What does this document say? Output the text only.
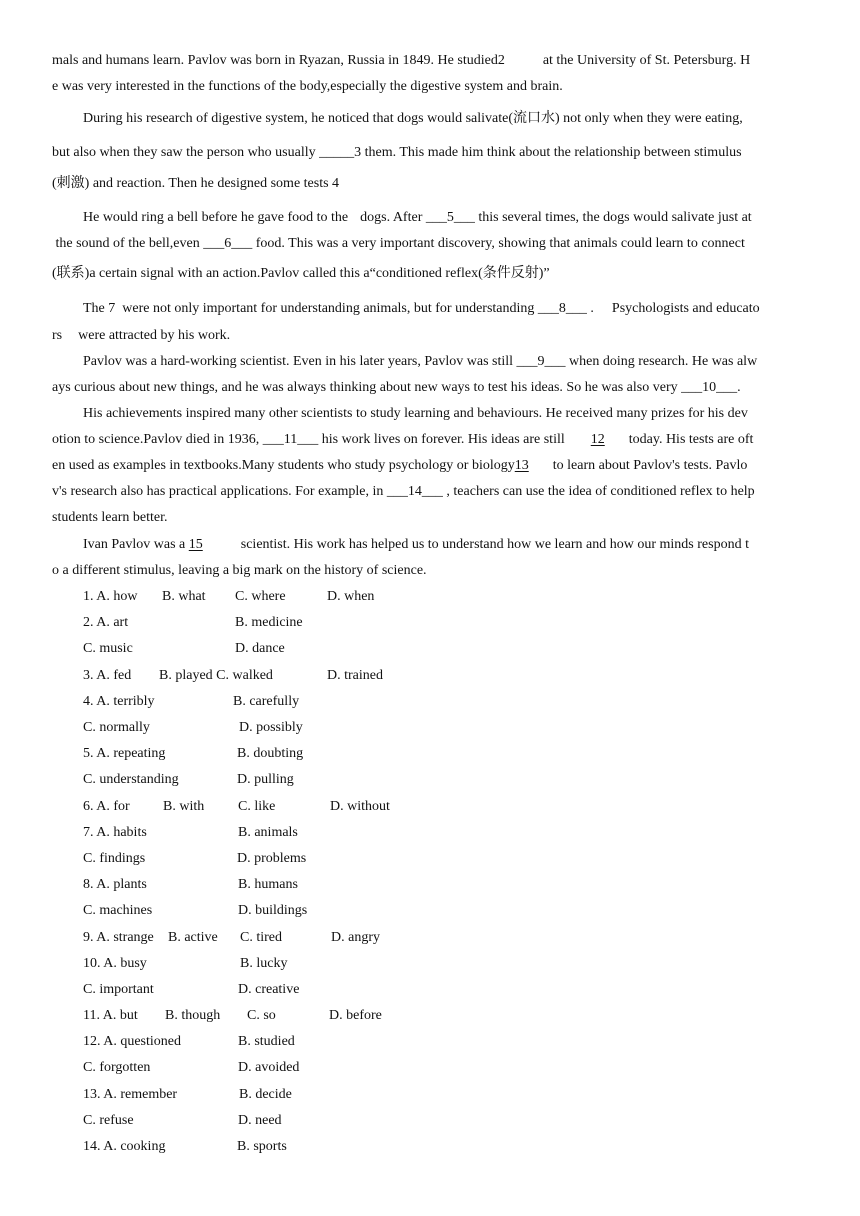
mals and humans learn. Pavlov was born in Ryazan, Russia in 1849. He studied2	at the University of St. Petersburg. H
e was very interested in the functions of the body,especially the digestive system and brain.
During his research of digestive system, he noticed that dogs would salivate(流口水) not only when they were eating,
but also when they saw the person who usually _____3 them. This made him think about the relationship between stimulus
(刺激) and reaction. Then he designed some tests 4
He would ring a bell before he gave food to the dogs. After ___5___ this several times, the dogs would salivate just at
the sound of the bell,even ___6___ food. This was a very important discovery, showing that animals could learn to connect
(联系)a certain signal with an action.Pavlov called this a“conditioned reflex(条件反射)”
The 7  were not only important for understanding animals, but for understanding ___8___ . Psychologists and educato
rs were attracted by his work.
Pavlov was a hard-working scientist. Even in his later years, Pavlov was still ___9___ when doing research. He was alw
ays curious about new things, and he was always thinking about new ways to test his ideas. So he was also very ___10___.
His achievements inspired many other scientists to study learning and behaviours. He received many prizes for his dev
otion to science.Pavlov died in 1936, ___11___ his work lives on forever. His ideas are still 12 today. His tests are oft
en used as examples in textbooks.Many students who study psychology or biology13 to learn about Pavlov's tests. Pavlo
v's research also has practical applications. For example, in ___14___ , teachers can use the idea of conditioned reflex to help
students learn better.
Ivan Pavlov was a 15	scientist. His work has helped us to understand how we learn and how our minds respond t
o a different stimulus, leaving a big mark on the history of science.
1. A. how B. what C. where	D. when
2. A. art	B. medicine
C. music	D. dance
3. A. fed B. played C. walked	D. trained
4. A. terribly	B. carefully
C. normally	D. possibly
5. A. repeating	B. doubting
C. understanding	D. pulling
6. A. for B. with C. like	D. without
7. A. habits	B. animals
C. findings	D. problems
8. A. plants	B. humans
C. machines	D. buildings
9. A. strange B. active C. tired	D. angry
10. A. busy	B. lucky
C. important	D. creative
11. A. but B. though C. so	D. before
12. A. questioned	B. studied
C. forgotten	D. avoided
13. A. remember	B. decide
C. refuse	D. need
14. A. cooking	B. sports
